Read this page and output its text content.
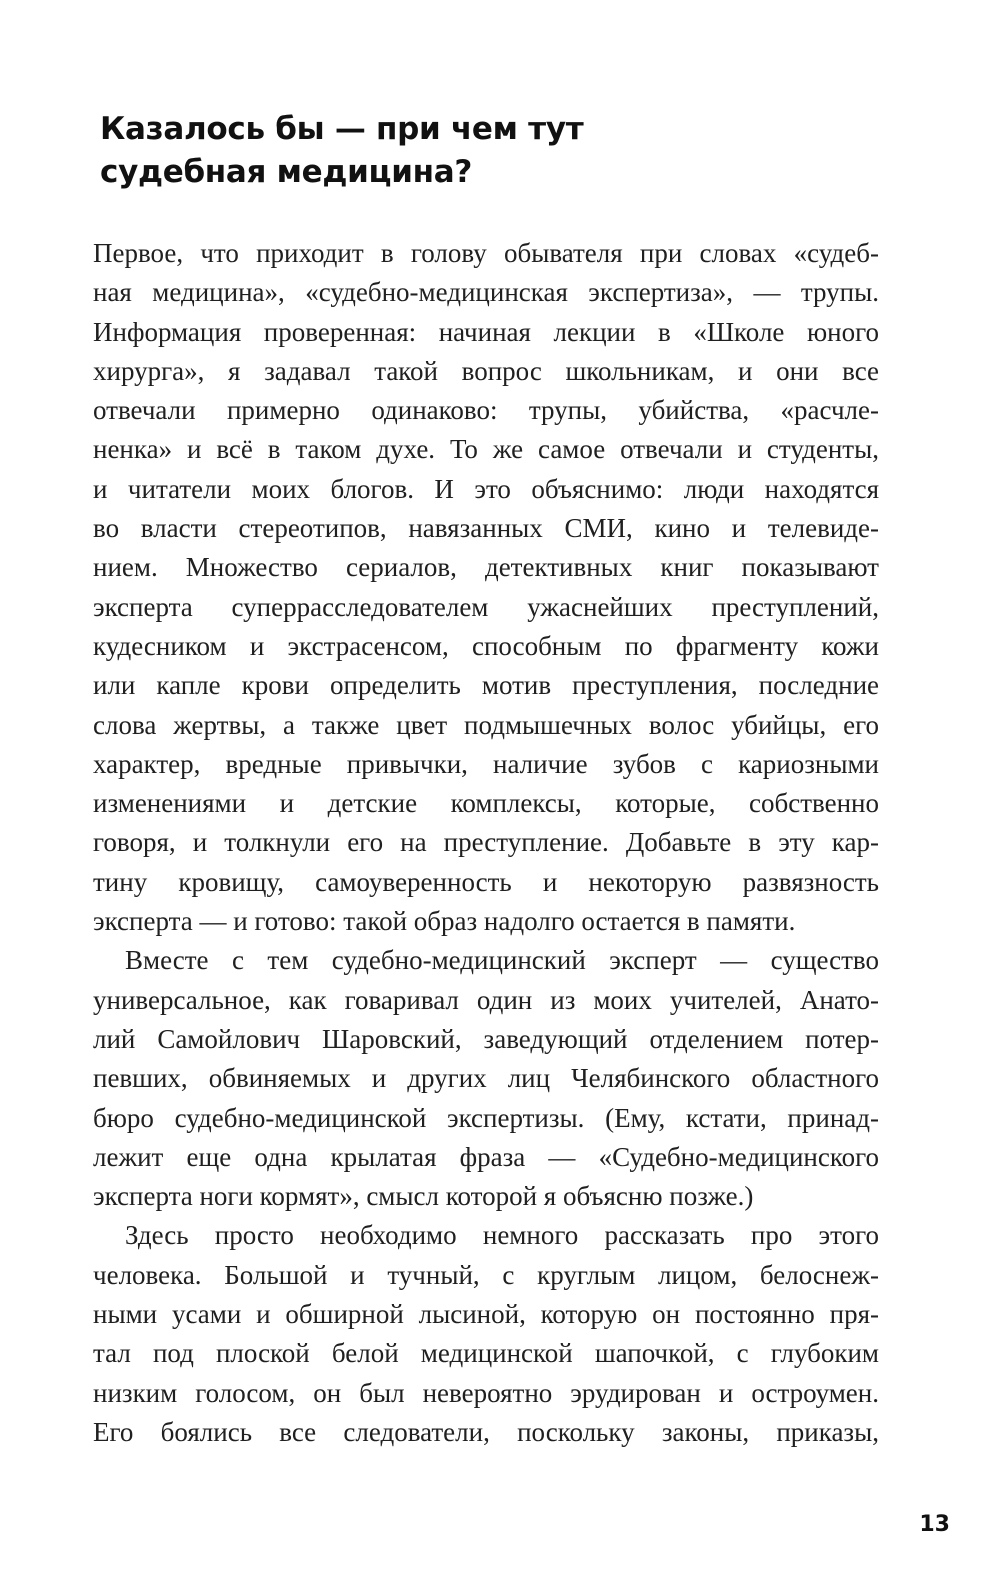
Казалось бы — при чем тут
судебная медицина?
Первое, что приходит в голову обывателя при словах «судеб-
ная медицина», «судебно-медицинская экспертиза», — трупы.
Информация проверенная: начиная лекции в «Школе юного
хирурга», я задавал такой вопрос школьникам, и они все
отвечали примерно одинаково: трупы, убийства, «расчле-
ненка» и всё в таком духе. То же самое отвечали и студенты,
и читатели моих блогов. И это объяснимо: люди находятся
во власти стереотипов, навязанных СМИ, кино и телевиде-
нием. Множество сериалов, детективных книг показывают
эксперта суперрасследователем ужаснейших преступлений,
кудесником и экстрасенсом, способным по фрагменту кожи
или капле крови определить мотив преступления, последние
слова жертвы, а также цвет подмышечных волос убийцы, его
характер, вредные привычки, наличие зубов с кариозными
изменениями и детские комплексы, которые, собственно
говоря, и толкнули его на преступление. Добавьте в эту кар-
тину кровищу, самоуверенность и некоторую развязность
эксперта — и готово: такой образ надолго остается в памяти.
Вместе с тем судебно-медицинский эксперт — существо
универсальное, как говаривал один из моих учителей, Анато-
лий Самойлович Шаровский, заведующий отделением потер-
певших, обвиняемых и других лиц Челябинского областного
бюро судебно-медицинской экспертизы. (Ему, кстати, принад-
лежит еще одна крылатая фраза — «Судебно-медицинского
эксперта ноги кормят», смысл которой я объясню позже.)
Здесь просто необходимо немного рассказать про этого
человека. Большой и тучный, с круглым лицом, белоснеж-
ными усами и обширной лысиной, которую он постоянно пря-
тал под плоской белой медицинской шапочкой, с глубоким
низким голосом, он был невероятно эрудирован и остроумен.
Его боялись все следователи, поскольку законы, приказы,
13
